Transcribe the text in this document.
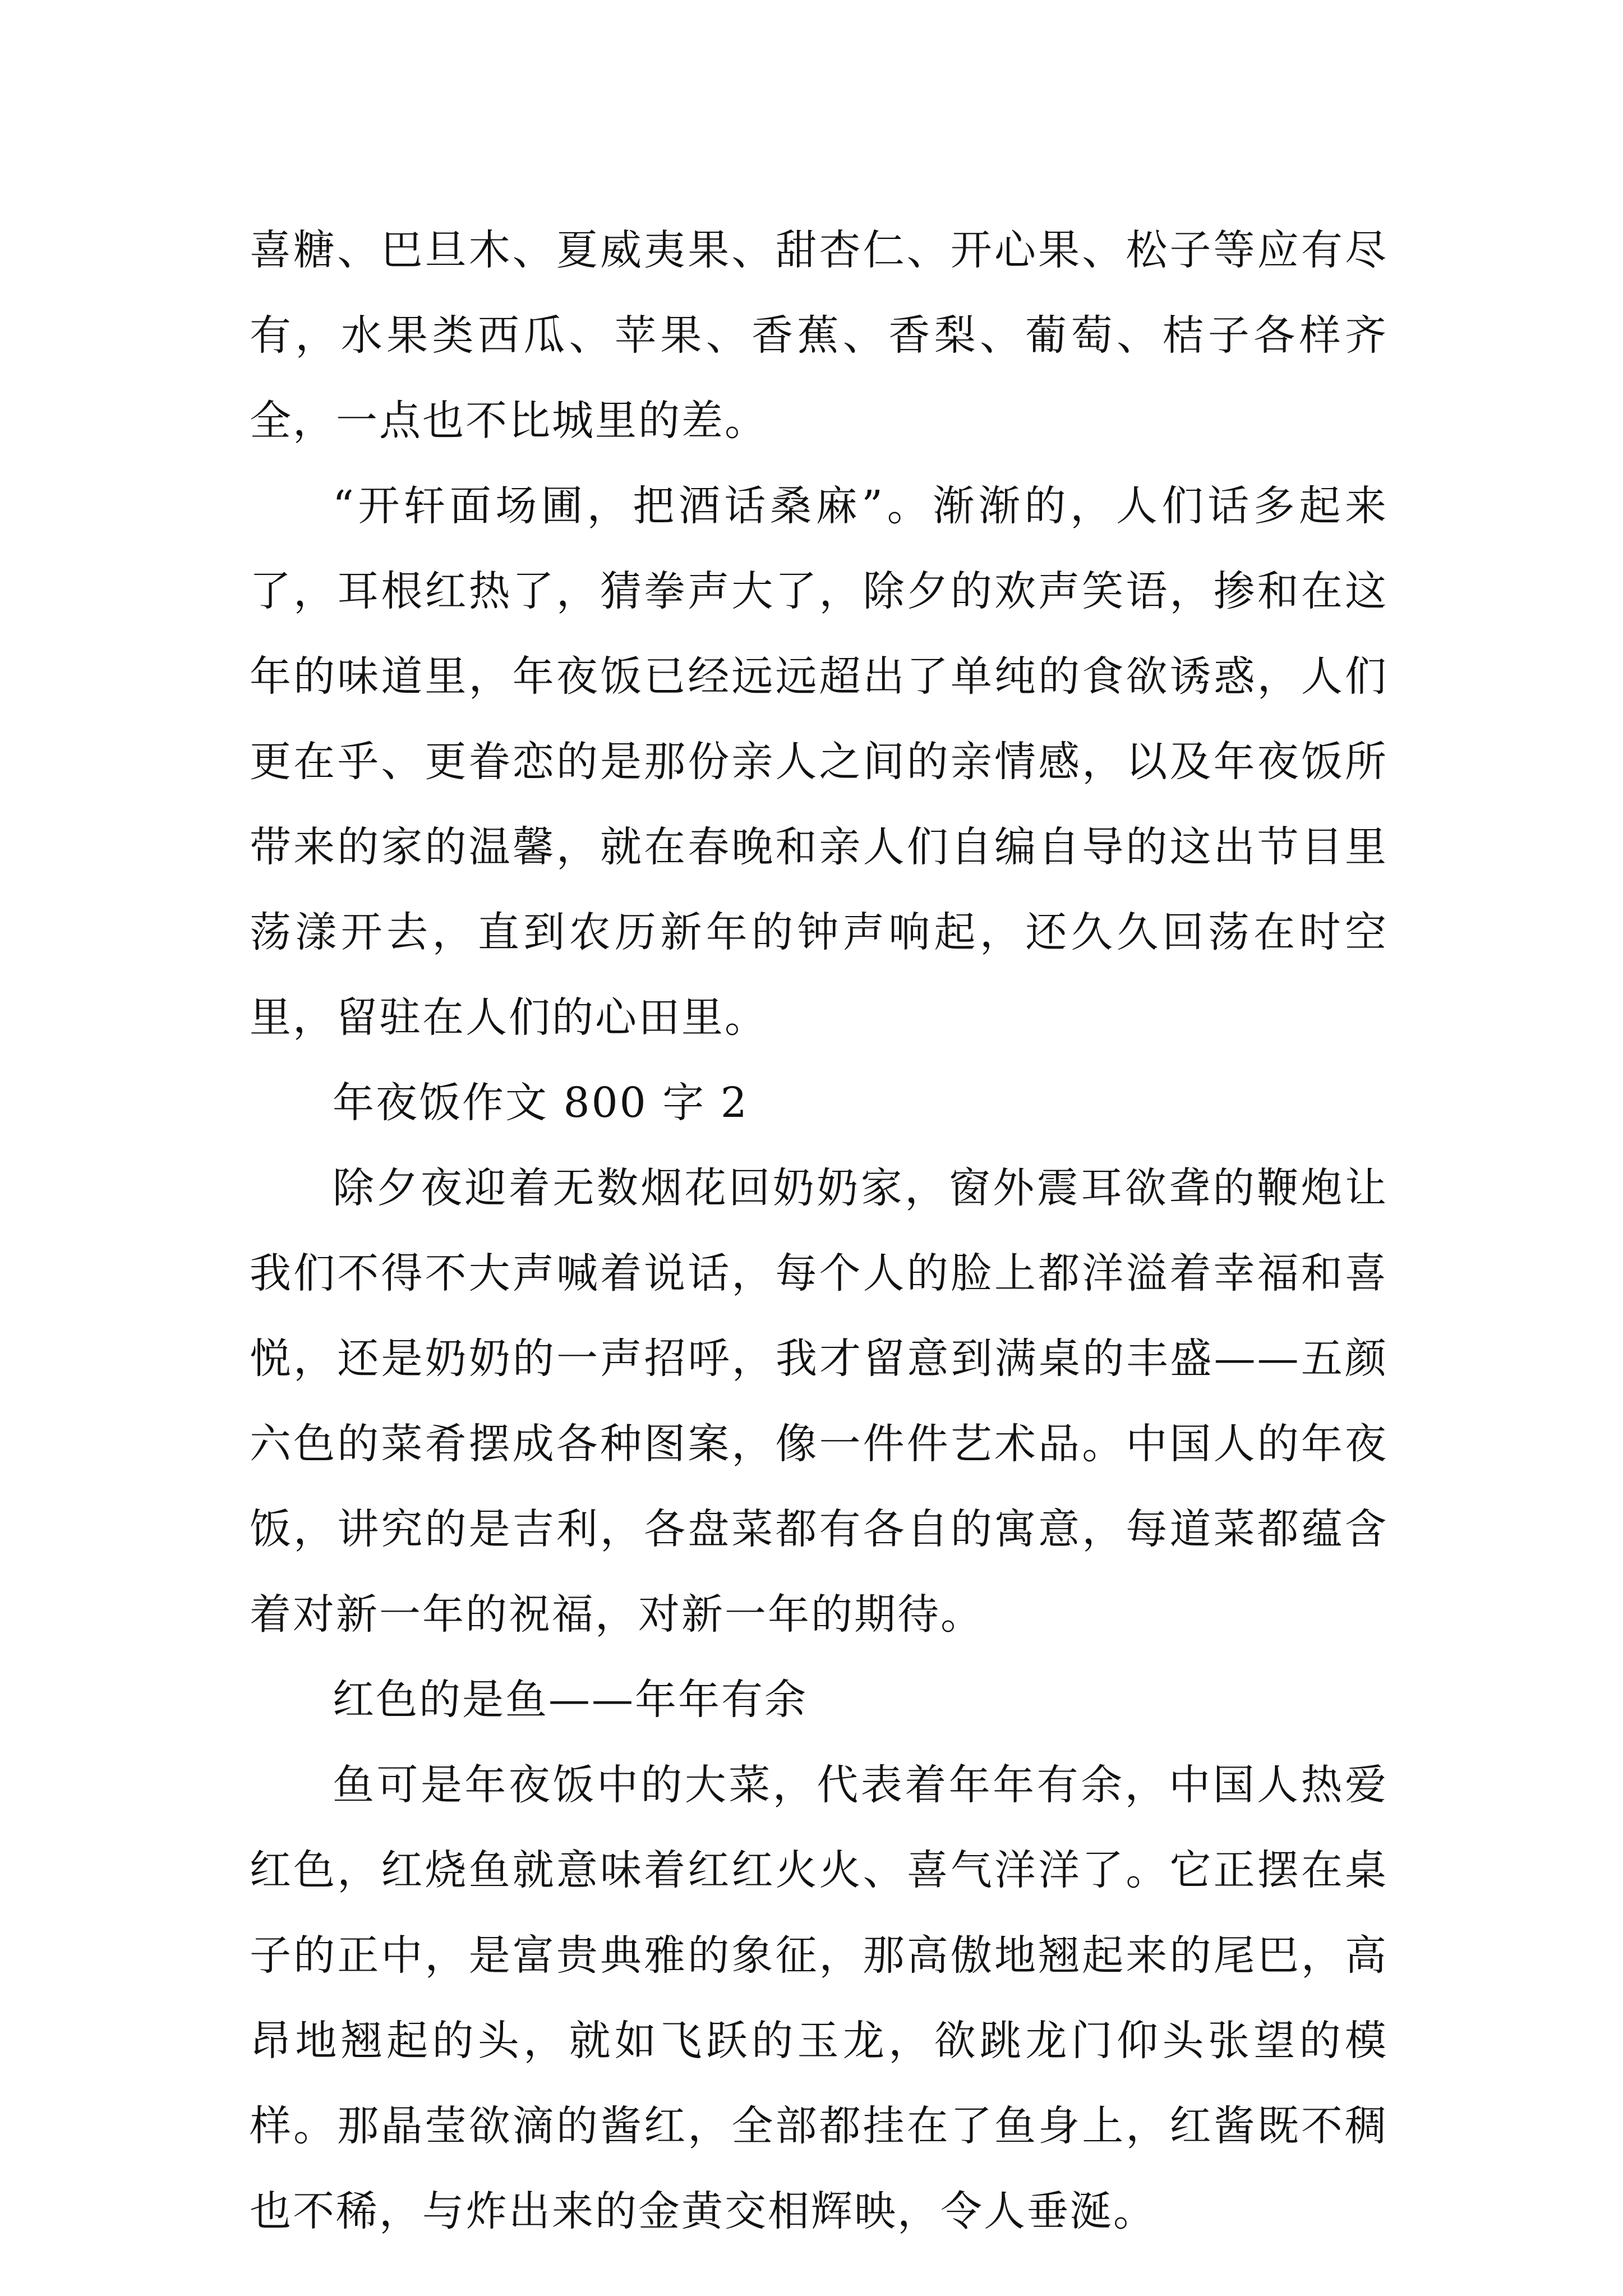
喜糖、巴旦木、夏威夷果、甜杏仁、开心果、松子等应有尽有，水果类西瓜、苹果、香蕉、香梨、葡萄、桔子各样齐全，一点也不比城里的差。

“开轩面场圃，把酒话桑麻”。渐渐的，人们话多起来了，耳根红热了，猜拳声大了，除夕的欢声笑语，掺和在这年的味道里，年夜饭已经远远超出了单纯的食欲诱惑，人们更在乎、更眷恋的是那份亲人之间的亲情感，以及年夜饭所带来的家的温馨，就在春晚和亲人们自编自导的这出节目里荡漾开去，直到农历新年的钟声响起，还久久回荡在时空里，留驻在人们的心田里。

年夜饭作文 800 字 2

除夕夜迎着无数烟花回奶奶家，窗外震耳欲聋的鞭炮让我们不得不大声喊着说话，每个人的脸上都洋溢着幸福和喜悦，还是奶奶的一声招呼，我才留意到满桌的丰盛——五颜六色的菜肴摆成各种图案，像一件件艺术品。中国人的年夜饭，讲究的是吉利，各盘菜都有各自的寓意，每道菜都蕴含着对新一年的祝福，对新一年的期待。

红色的是鱼——年年有余

鱼可是年夜饭中的大菜，代表着年年有余，中国人热爱红色，红烧鱼就意味着红红火火、喜气洋洋了。它正摆在桌子的正中，是富贵典雅的象征，那高傲地翘起来的尾巴，高昂地翘起的头，就如飞跃的玉龙，欲跳龙门仰头张望的模样。那晶莹欲滴的酱红，全部都挂在了鱼身上，红酱既不稠也不稀，与炸出来的金黄交相辉映，令人垂涎。
